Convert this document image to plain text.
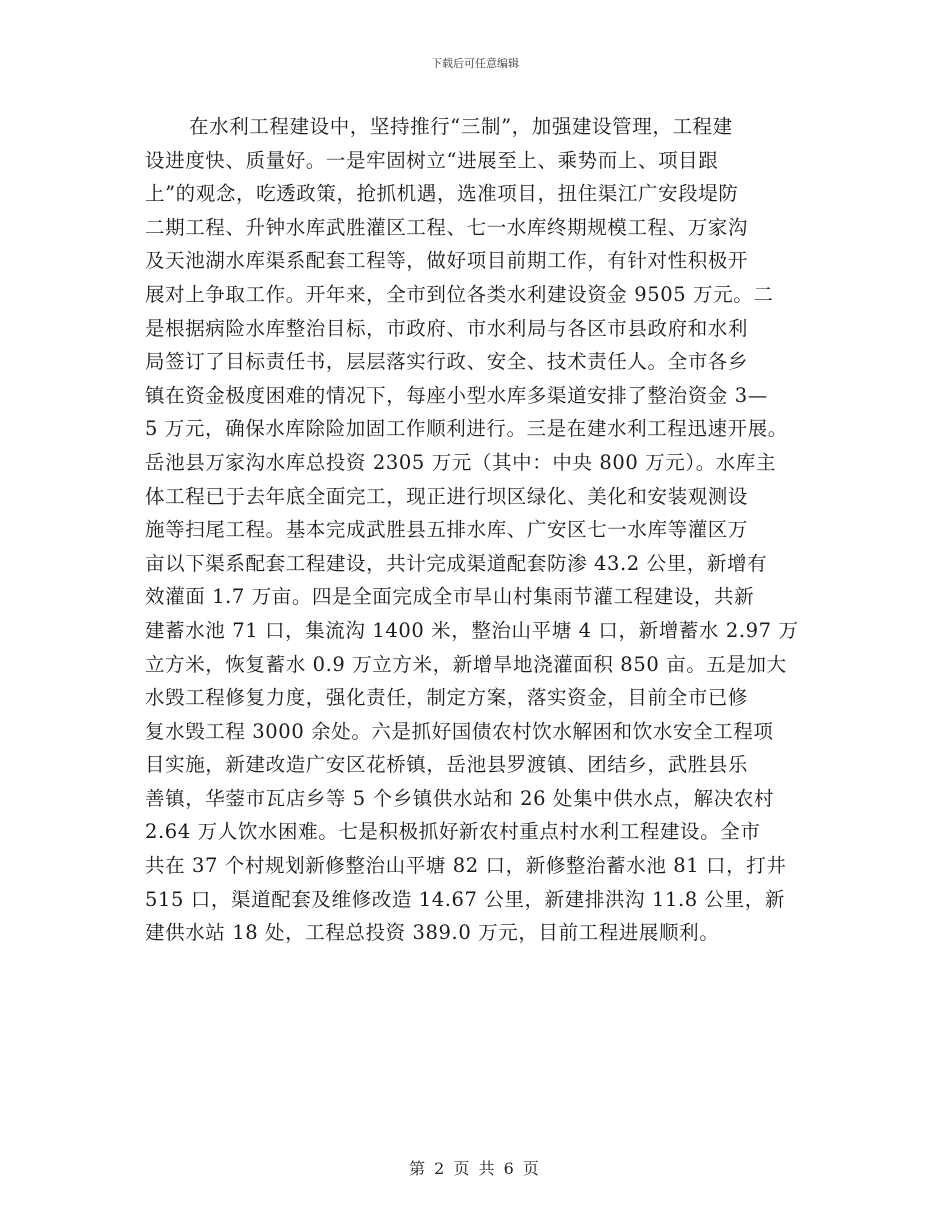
下载后可任意编辑
在水利工程建设中，坚持推行“三制”，加强建设管理，工程建
设进度快、质量好。一是牢固树立“进展至上、乘势而上、项目跟
上”的观念，吃透政策，抢抓机遇，选准项目，扭住渠江广安段堤防
二期工程、升钟水库武胜灌区工程、七一水库终期规模工程、万家沟
及天池湖水库渠系配套工程等，做好项目前期工作，有针对性积极开
展对上争取工作。开年来，全市到位各类水利建设资金 9505 万元。二
是根据病险水库整治目标，市政府、市水利局与各区市县政府和水利
局签订了目标责任书，层层落实行政、安全、技术责任人。全市各乡
镇在资金极度困难的情况下，每座小型水库多渠道安排了整治资金 3—
5 万元，确保水库除险加固工作顺利进行。三是在建水利工程迅速开展。
岳池县万家沟水库总投资 2305 万元（其中：中央 800 万元）。水库主
体工程已于去年底全面完工，现正进行坝区绿化、美化和安装观测设
施等扫尾工程。基本完成武胜县五排水库、广安区七一水库等灌区万
亩以下渠系配套工程建设，共计完成渠道配套防渗 43.2 公里，新增有
效灌面 1.7 万亩。四是全面完成全市旱山村集雨节灌工程建设，共新
建蓄水池 71 口，集流沟 1400 米，整治山平塘 4 口，新增蓄水 2.97 万
立方米，恢复蓄水 0.9 万立方米，新增旱地浇灌面积 850 亩。五是加大
水毁工程修复力度，强化责任，制定方案，落实资金，目前全市已修
复水毁工程 3000 余处。六是抓好国债农村饮水解困和饮水安全工程项
目实施，新建改造广安区花桥镇，岳池县罗渡镇、团结乡，武胜县乐
善镇，华蓥市瓦店乡等 5 个乡镇供水站和 26 处集中供水点，解决农村
2.64 万人饮水困难。七是积极抓好新农村重点村水利工程建设。全市
共在 37 个村规划新修整治山平塘 82 口，新修整治蓄水池 81 口，打井
515 口，渠道配套及维修改造 14.67 公里，新建排洪沟 11.8 公里，新
建供水站 18 处，工程总投资 389.0 万元，目前工程进展顺利。
第 2 页 共 6 页
